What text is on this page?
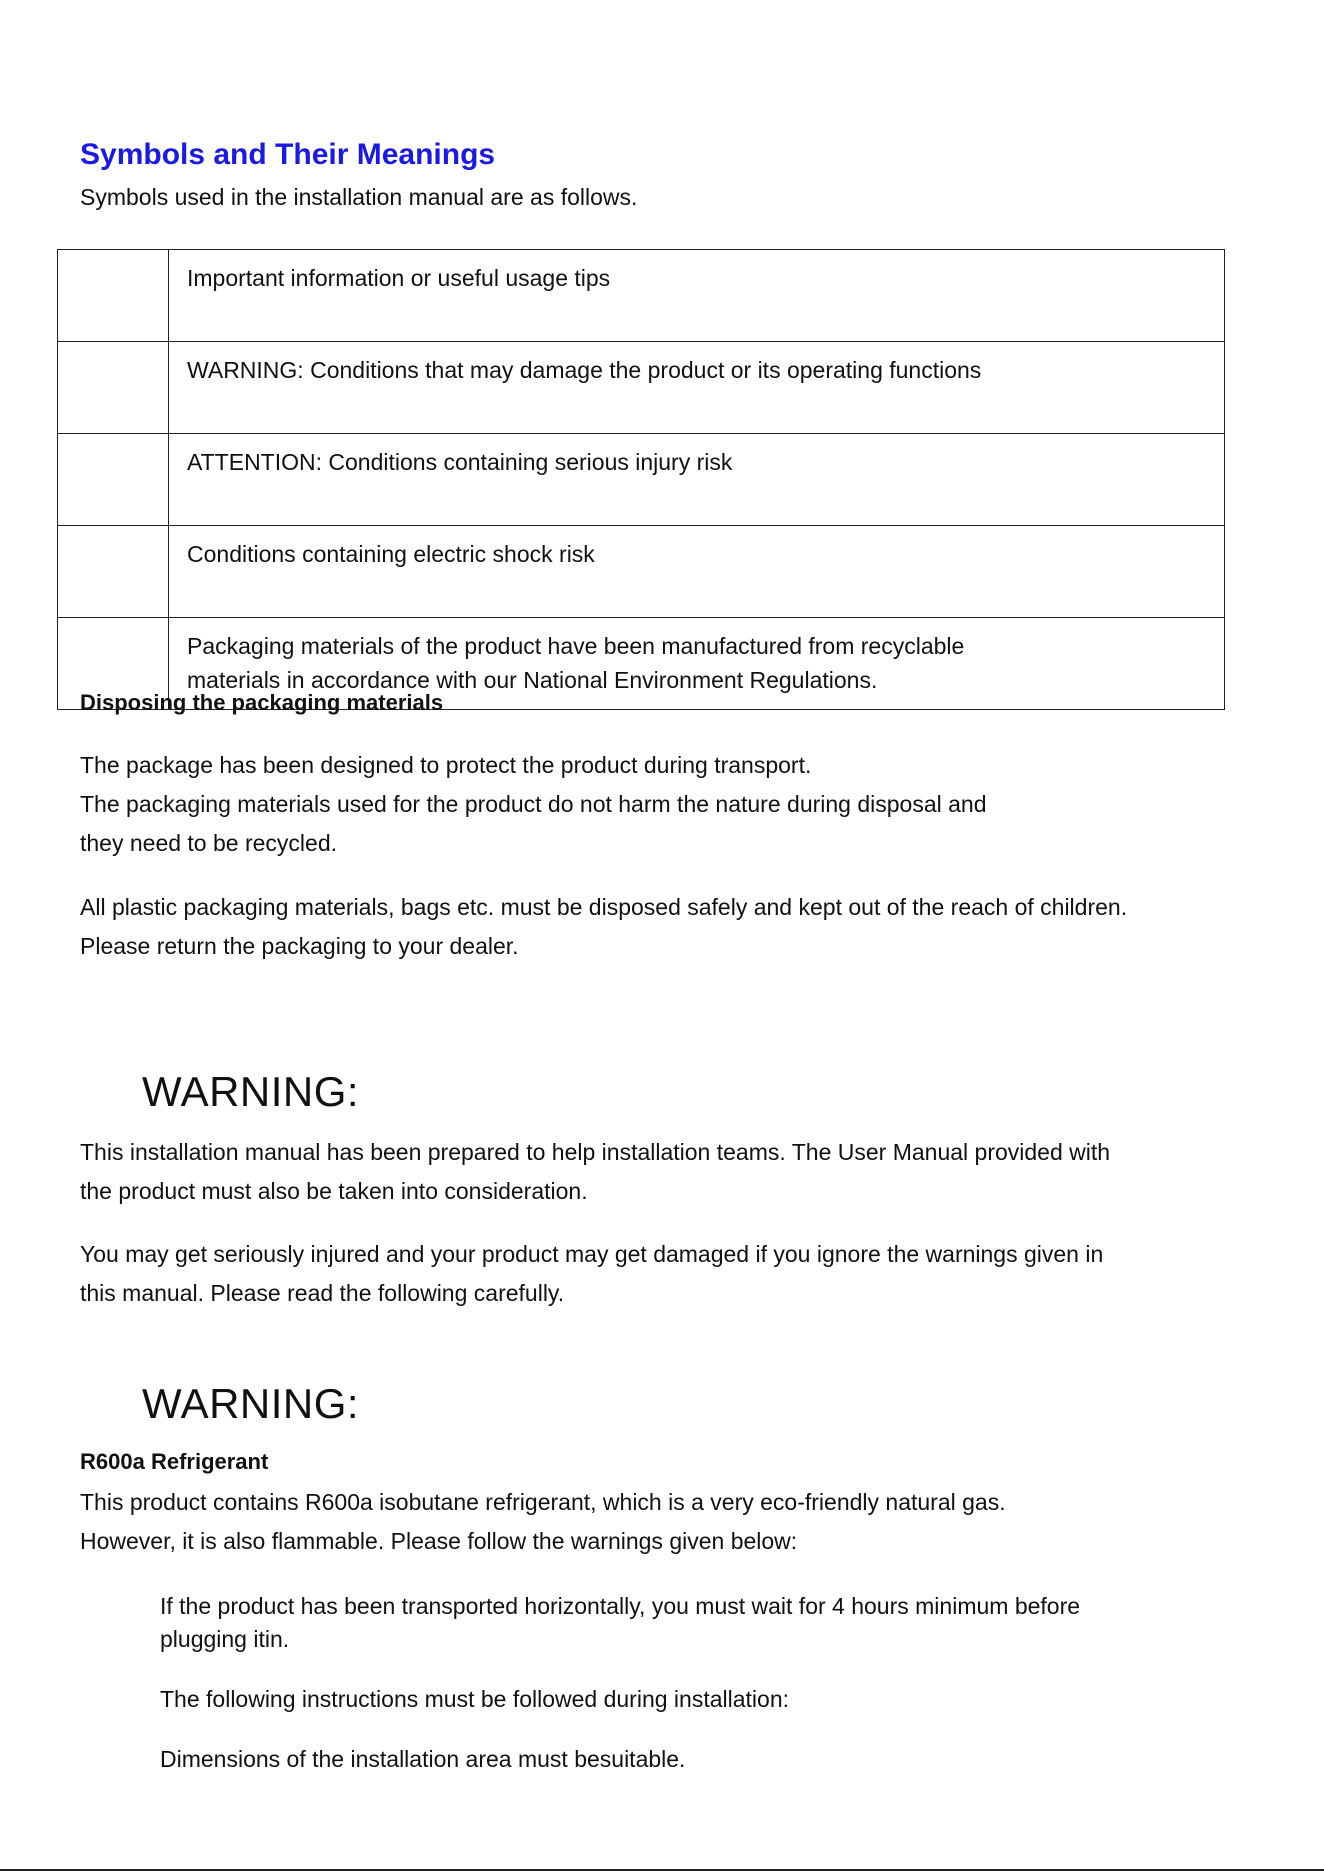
Symbols and Their Meanings
Symbols used in the installation manual are as follows.
	Important information or useful usage tips
	WARNING: Conditions that may damage the product or its operating functions
	ATTENTION: Conditions containing serious injury risk
	Conditions containing electric shock risk

	Packaging materials of the product have been manufactured from recyclable
materials in accordance with our National Environment Regulations.
Disposing the packaging materials
The package has been designed to protect the product during transport.
The packaging materials used for the product do not harm the nature during disposal and
they need to be recycled.
All plastic packaging materials, bags etc. must be disposed safely and kept out of the reach of children.
Please return the packaging to your dealer.
WARNING:
This installation manual has been prepared to help installation teams. The User Manual provided with
the product must also be taken into consideration.
You may get seriously injured and your product may get damaged if you ignore the warnings given in
this manual. Please read the following carefully.
WARNING:
R600a Refrigerant
This product contains R600a isobutane refrigerant, which is a very eco-friendly natural gas.
However, it is also flammable. Please follow the warnings given below:
If the product has been transported horizontally, you must wait for 4 hours minimum before
plugging itin.
The following instructions must be followed during installation:
Dimensions of the installation area must besuitable.
